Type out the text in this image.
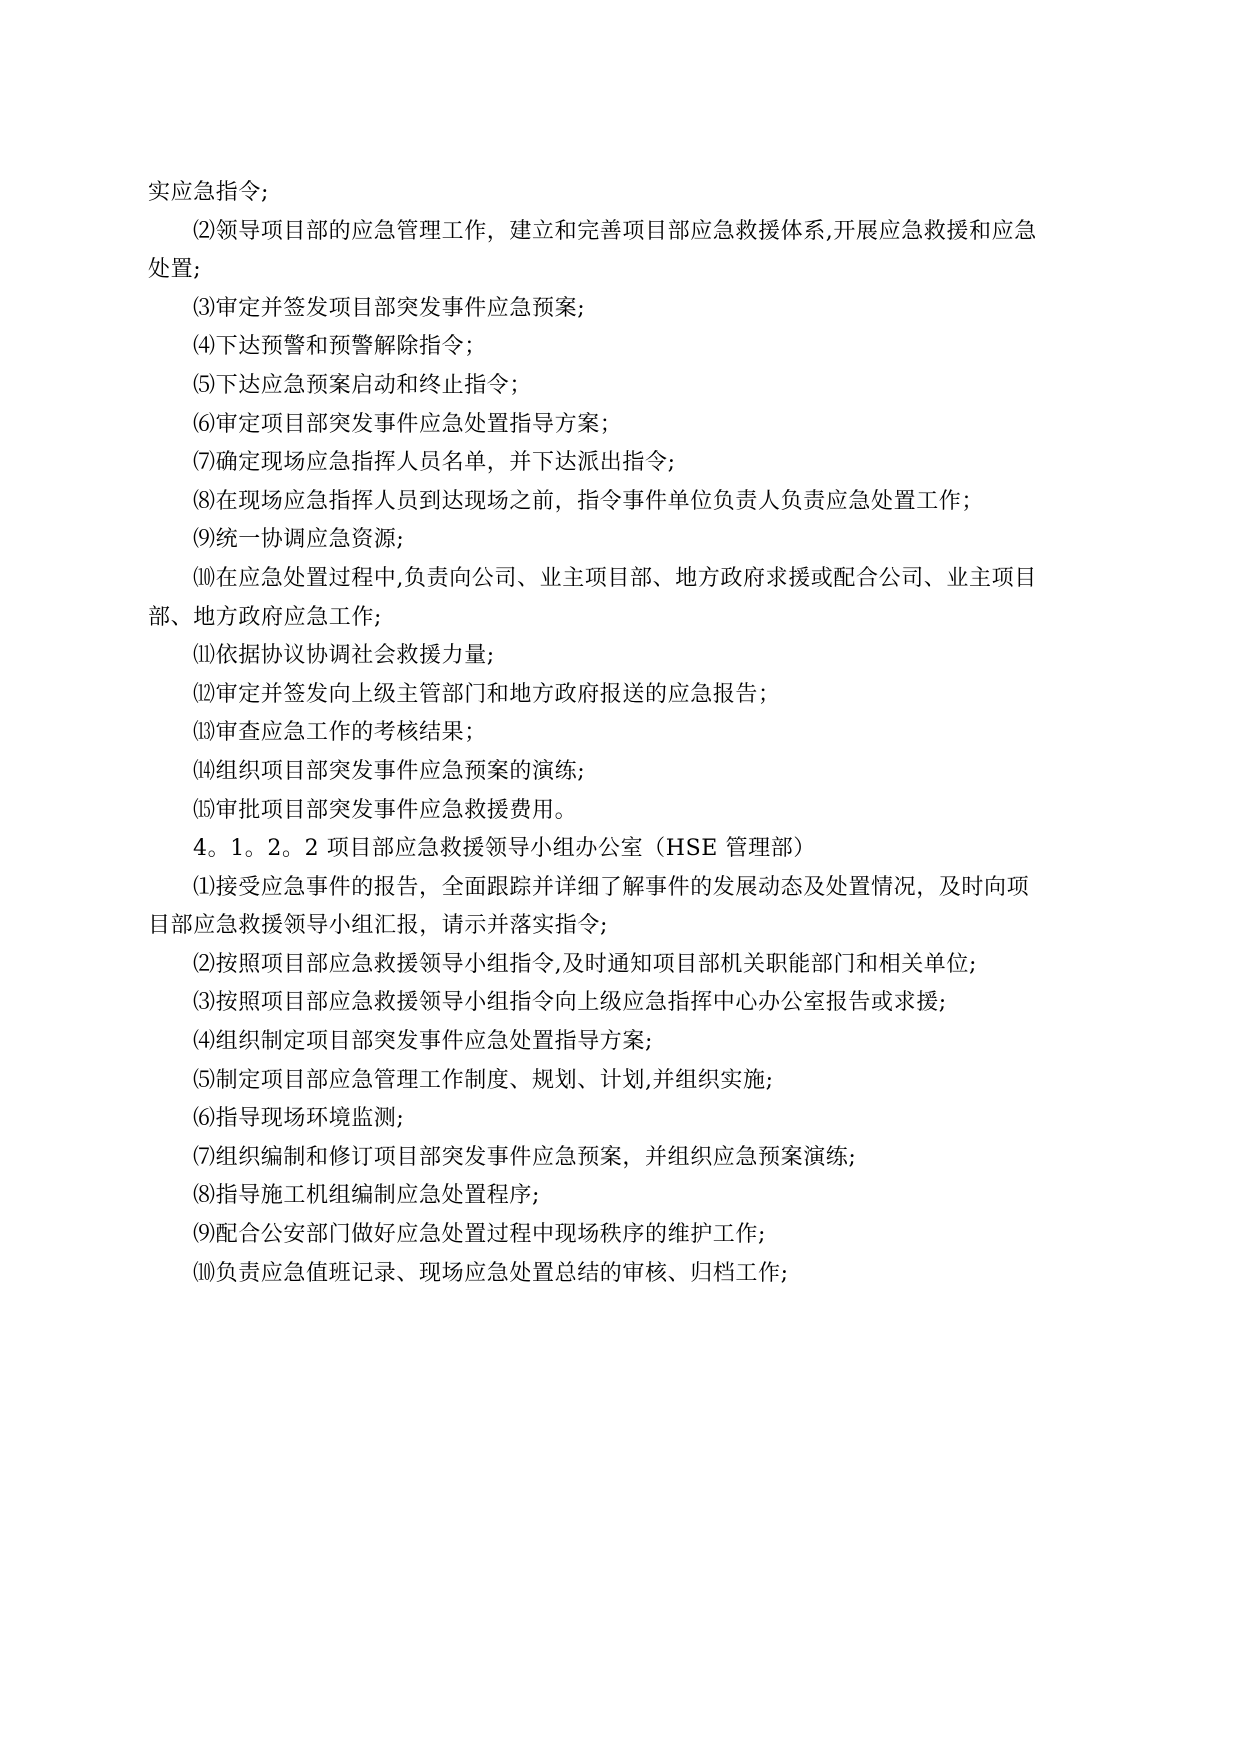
实应急指令;
⑵领导项目部的应急管理工作，建立和完善项目部应急救援体系,开展应急救援和应急
处置;
⑶审定并签发项目部突发事件应急预案;
⑷下达预警和预警解除指令；
⑸下达应急预案启动和终止指令；
⑹审定项目部突发事件应急处置指导方案；
⑺确定现场应急指挥人员名单，并下达派出指令;
⑻在现场应急指挥人员到达现场之前，指令事件单位负责人负责应急处置工作；
⑼统一协调应急资源;
⑽在应急处置过程中,负责向公司、业主项目部、地方政府求援或配合公司、业主项目
部、地方政府应急工作;
⑾依据协议协调社会救援力量;
⑿审定并签发向上级主管部门和地方政府报送的应急报告；
⒀审查应急工作的考核结果；
⒁组织项目部突发事件应急预案的演练;
⒂审批项目部突发事件应急救援费用。
4。1。2。2 项目部应急救援领导小组办公室（HSE 管理部）
⑴接受应急事件的报告，全面跟踪并详细了解事件的发展动态及处置情况，及时向项
目部应急救援领导小组汇报，请示并落实指令;
⑵按照项目部应急救援领导小组指令,及时通知项目部机关职能部门和相关单位;
⑶按照项目部应急救援领导小组指令向上级应急指挥中心办公室报告或求援;
⑷组织制定项目部突发事件应急处置指导方案;
⑸制定项目部应急管理工作制度、规划、计划,并组织实施;
⑹指导现场环境监测;
⑺组织编制和修订项目部突发事件应急预案，并组织应急预案演练;
⑻指导施工机组编制应急处置程序;
⑼配合公安部门做好应急处置过程中现场秩序的维护工作;
⑽负责应急值班记录、现场应急处置总结的审核、归档工作;
